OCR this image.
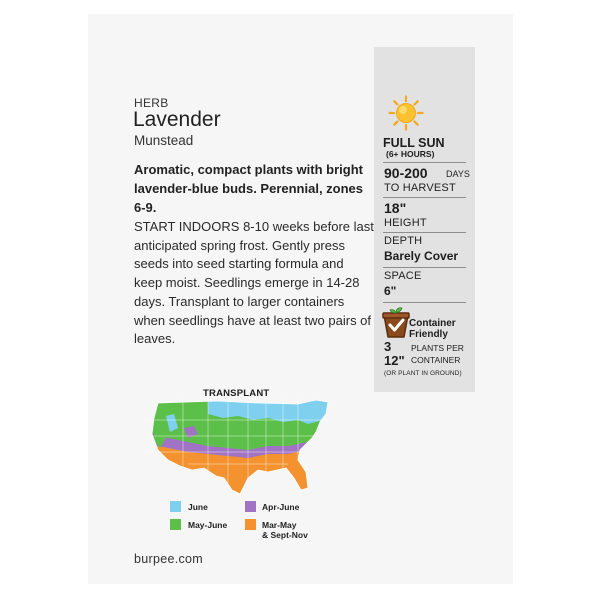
HERB
Lavender
Munstead
Aromatic, compact plants with bright lavender-blue buds. Perennial, zones 6-9.
START INDOORS 8-10 weeks before last anticipated spring frost. Gently press seeds into seed starting formula and keep moist. Seedlings emerge in 14-28 days. Transplant to larger containers when seedlings have at least two pairs of leaves.
FULL SUN
(6+ HOURS)
90-200 DAYS
TO HARVEST
18"
HEIGHT
DEPTH
Barely Cover
SPACE
6"
Container Friendly
3
12"
PLANTS PER
CONTAINER
(OR PLANT IN GROUND)
TRANSPLANT
June	Apr-June
May-June	Mar-May
& Sept-Nov
burpee.com
